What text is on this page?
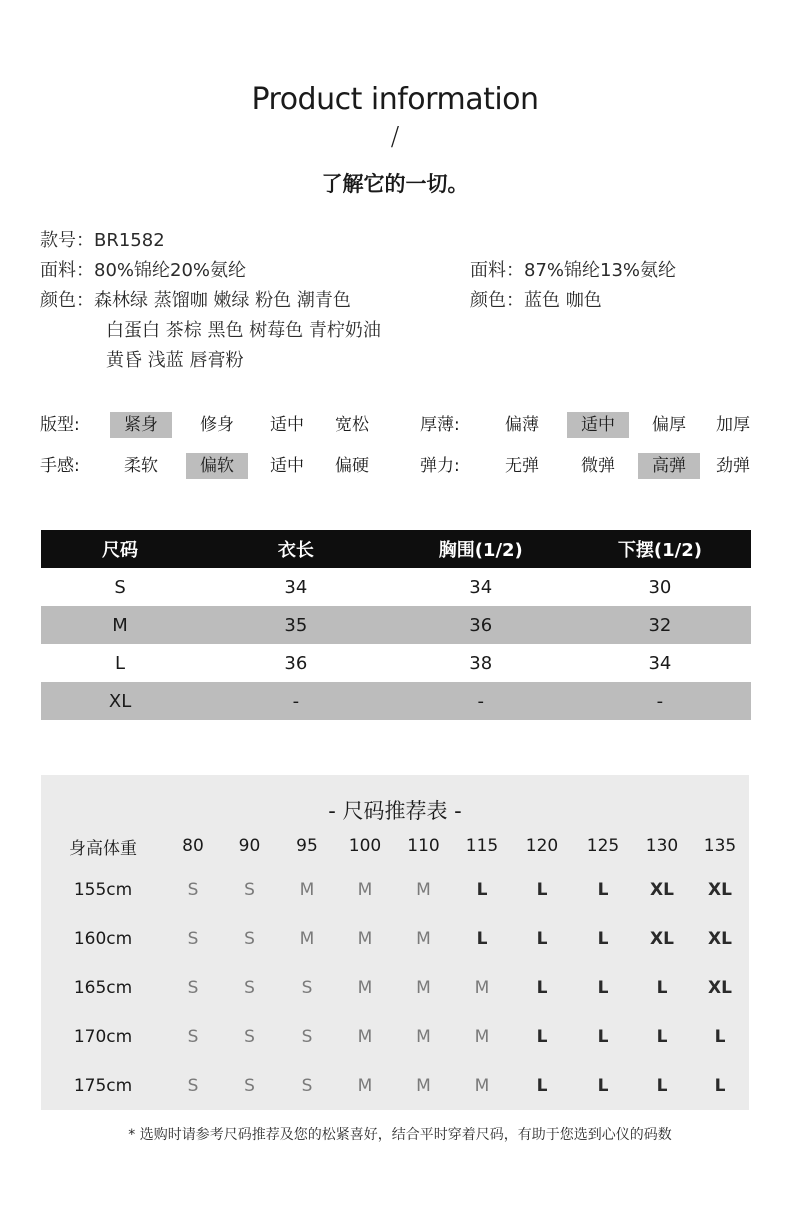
Product information
/
了解它的一切。
款号：BR1582
面料：80%锦纶20%氨纶
颜色：森林绿 蒸馏咖 嫩绿 粉色 潮青色
白蛋白 茶棕 黑色 树莓色 青柠奶油
黄昏 浅蓝 唇膏粉
面料：87%锦纶13%氨纶
颜色：蓝色 咖色
版型:	紧身	修身	适中	宽松	厚薄:	偏薄	适中	偏厚	加厚
手感:	柔软	偏软	适中	偏硬	弹力:	无弹	微弹	高弹	劲弹
尺码	衣长	胸围(1/2)	下摆(1/2)
S	34	34	30
M	35	36	32
L	36	38	34
XL	-	-	-
- 尺码推荐表 -
身高体重	80	90	95	100	110	115	120	125	130	135
155cm	S	S	M	M	M	L	L	L	XL	XL
160cm	S	S	M	M	M	L	L	L	XL	XL
165cm	S	S	S	M	M	M	L	L	L	XL
170cm	S	S	S	M	M	M	L	L	L	L
175cm	S	S	S	M	M	M	L	L	L	L
* 选购时请参考尺码推荐及您的松紧喜好，结合平时穿着尺码，有助于您选到心仪的码数
